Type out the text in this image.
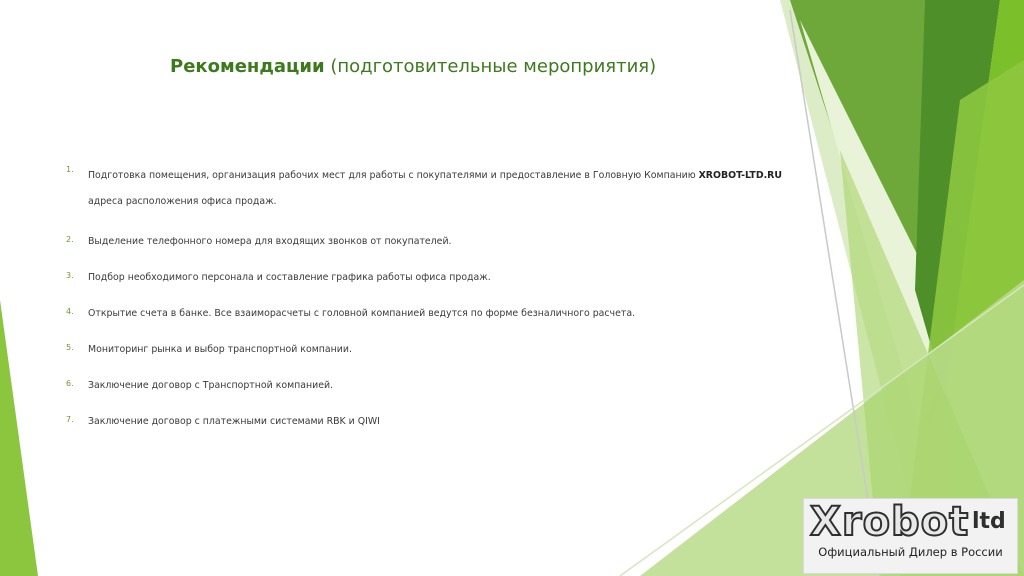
Рекомендации (подготовительные мероприятия)
1.
Подготовка помещения, организация рабочих мест для работы с покупателями и предоставление в Головную Компанию XROBOT-LTD.RU
адреса расположения офиса продаж.
2. Выделение телефонного номера для входящих звонков от покупателей.
3. Подбор необходимого персонала и составление графика работы офиса продаж.
4. Открытие счета в банке. Все взаиморасчеты с головной компанией ведутся по форме безналичного расчета.
5. Мониторинг рынка и выбор транспортной компании.
6. Заключение договор с Транспортной компанией.
7. Заключение договор с платежными системами RBK и QIWI
Xrobot ltd
Официальный Дилер в России
